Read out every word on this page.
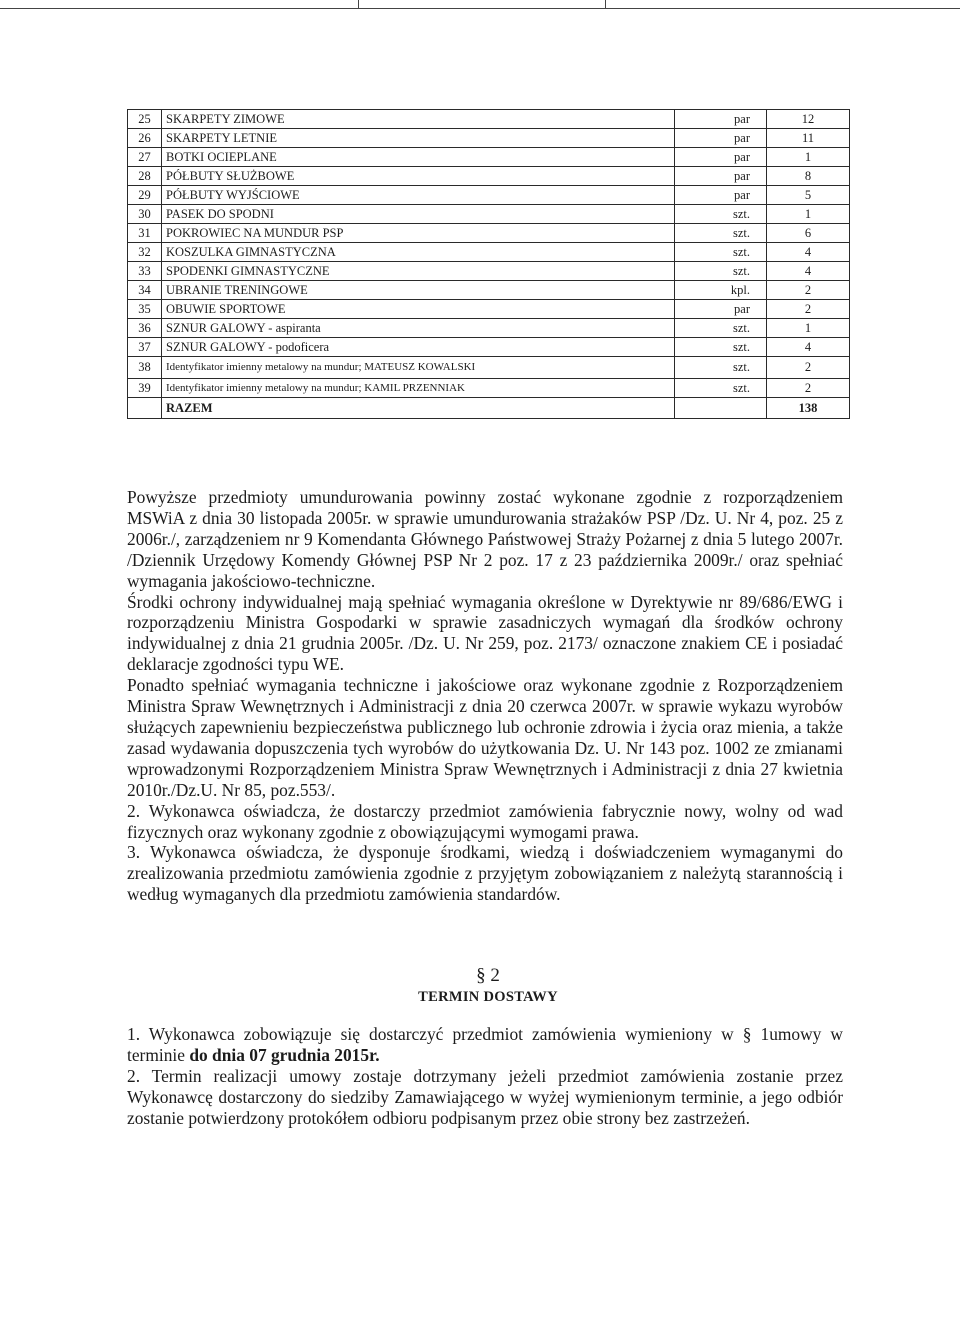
25	SKARPETY ZIMOWE	par	12
26	SKARPETY LETNIE	par	11
27	BOTKI OCIEPLANE	par	1
28	PÓŁBUTY SŁUŻBOWE	par	8
29	PÓŁBUTY WYJŚCIOWE	par	5
30	PASEK DO SPODNI	szt.	1
31	POKROWIEC NA MUNDUR PSP	szt.	6
32	KOSZULKA GIMNASTYCZNA	szt.	4
33	SPODENKI GIMNASTYCZNE	szt.	4
34	UBRANIE TRENINGOWE	kpl.	2
35	OBUWIE SPORTOWE	par	2
36	SZNUR GALOWY - aspiranta	szt.	1
37	SZNUR GALOWY - podoficera	szt.	4
38	Identyfikator imienny metalowy na mundur; MATEUSZ KOWALSKI	szt.	2
39	Identyfikator imienny metalowy na mundur; KAMIL PRZENNIAK	szt.	2
	RAZEM		138

Powyższe przedmioty umundurowania powinny zostać wykonane zgodnie z rozporządzeniem MSWiA z dnia 30 listopada 2005r. w sprawie umundurowania strażaków PSP /Dz. U. Nr 4, poz. 25 z 2006r./, zarządzeniem nr 9 Komendanta Głównego Państwowej Straży Pożarnej z dnia 5 lutego 2007r. /Dziennik Urzędowy Komendy Głównej PSP Nr 2 poz. 17 z 23 października 2009r./ oraz spełniać wymagania jakościowo-techniczne.

Środki ochrony indywidualnej mają spełniać wymagania określone w Dyrektywie nr 89/686/EWG i rozporządzeniu Ministra Gospodarki w sprawie zasadniczych wymagań dla środków ochrony indywidualnej z dnia 21 grudnia 2005r. /Dz. U. Nr 259, poz. 2173/ oznaczone znakiem CE i posiadać deklaracje zgodności typu WE.

Ponadto spełniać wymagania techniczne i jakościowe oraz wykonane zgodnie z Rozporządzeniem Ministra Spraw Wewnętrznych i Administracji z dnia 20 czerwca 2007r. w sprawie wykazu wyrobów służących zapewnieniu bezpieczeństwa publicznego lub ochronie zdrowia i życia oraz mienia, a także zasad wydawania dopuszczenia tych wyrobów do użytkowania Dz. U. Nr 143 poz. 1002 ze zmianami wprowadzonymi Rozporządzeniem Ministra Spraw Wewnętrznych i Administracji z dnia 27 kwietnia 2010r./Dz.U. Nr 85, poz.553/.

2. Wykonawca oświadcza, że dostarczy przedmiot zamówienia fabrycznie nowy, wolny od wad fizycznych oraz wykonany zgodnie z obowiązującymi wymogami prawa.

3. Wykonawca oświadcza, że dysponuje środkami, wiedzą i doświadczeniem wymaganymi do zrealizowania przedmiotu zamówienia zgodnie z przyjętym zobowiązaniem z należytą starannością i według wymaganych dla przedmiotu zamówienia standardów.

§ 2
TERMIN DOSTAWY

1. Wykonawca zobowiązuje się dostarczyć przedmiot zamówienia wymieniony w § 1umowy w terminie do dnia 07 grudnia 2015r.

2. Termin realizacji umowy zostaje dotrzymany jeżeli przedmiot zamówienia zostanie przez Wykonawcę dostarczony do siedziby Zamawiającego w wyżej wymienionym terminie, a jego odbiór zostanie potwierdzony protokółem odbioru podpisanym przez obie strony bez zastrzeżeń.
